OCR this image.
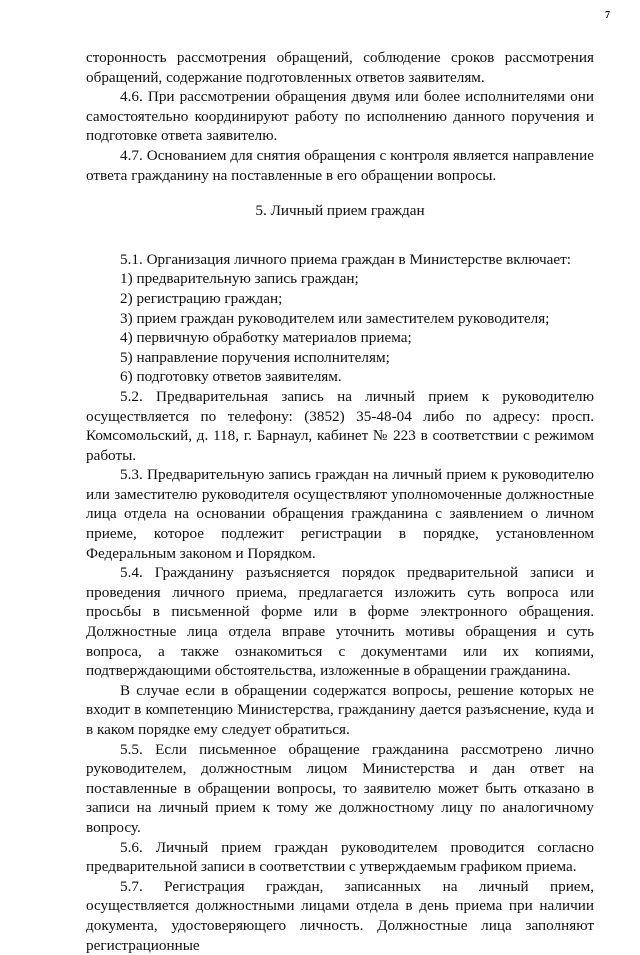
7

сторонность рассмотрения обращений, соблюдение сроков рассмотрения обращений, содержание подготовленных ответов заявителям.

4.6. При рассмотрении обращения двумя или более исполнителями они самостоятельно координируют работу по исполнению данного поручения и подготовке ответа заявителю.

4.7. Основанием для снятия обращения с контроля является направление ответа гражданину на поставленные в его обращении вопросы.

5. Личный прием граждан

5.1. Организация личного приема граждан в Министерстве включает:

1) предварительную запись граждан;

2) регистрацию граждан;

3) прием граждан руководителем или заместителем руководителя;

4) первичную обработку материалов приема;

5) направление поручения исполнителям;

6) подготовку ответов заявителям.

5.2. Предварительная запись на личный прием к руководителю осуществляется по телефону: (3852) 35-48-04 либо по адресу: просп. Комсомольский, д. 118, г. Барнаул, кабинет № 223 в соответствии с режимом работы.

5.3. Предварительную запись граждан на личный прием к руководителю или заместителю руководителя осуществляют уполномоченные должностные лица отдела на основании обращения гражданина с заявлением о личном приеме, которое подлежит регистрации в порядке, установленном Федеральным законом и Порядком.

5.4. Гражданину разъясняется порядок предварительной записи и проведения личного приема, предлагается изложить суть вопроса или просьбы в письменной форме или в форме электронного обращения. Должностные лица отдела вправе уточнить мотивы обращения и суть вопроса, а также ознакомиться с документами или их копиями, подтверждающими обстоятельства, изложенные в обращении гражданина.

В случае если в обращении содержатся вопросы, решение которых не входит в компетенцию Министерства, гражданину дается разъяснение, куда и в каком порядке ему следует обратиться.

5.5. Если письменное обращение гражданина рассмотрено лично руководителем, должностным лицом Министерства и дан ответ на поставленные в обращении вопросы, то заявителю может быть отказано в записи на личный прием к тому же должностному лицу по аналогичному вопросу.

5.6. Личный прием граждан руководителем проводится согласно предварительной записи в соответствии с утверждаемым графиком приема.

5.7. Регистрация граждан, записанных на личный прием, осуществляется должностными лицами отдела в день приема при наличии документа, удостоверяющего личность. Должностные лица заполняют регистрационные
